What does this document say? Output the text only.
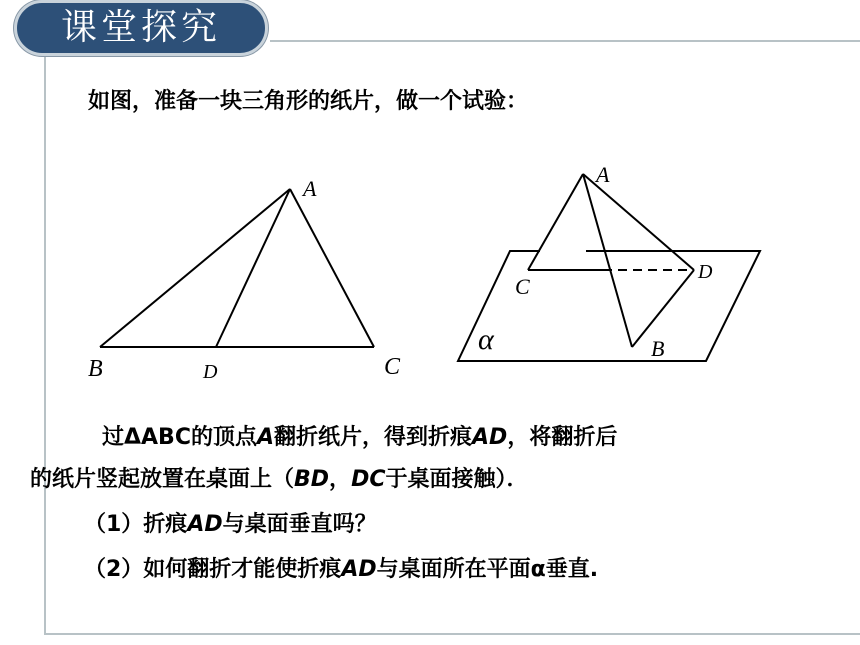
课堂探究
如图，准备一块三角形的纸片，做一个试验：
A
B	D	C
A
C
D
B
α
过ΔABC的顶点A翻折纸片，得到折痕AD，将翻折后
的纸片竖起放置在桌面上（BD，DC于桌面接触）．
（1）折痕AD与桌面垂直吗？
（2）如何翻折才能使折痕AD与桌面所在平面α垂直.
